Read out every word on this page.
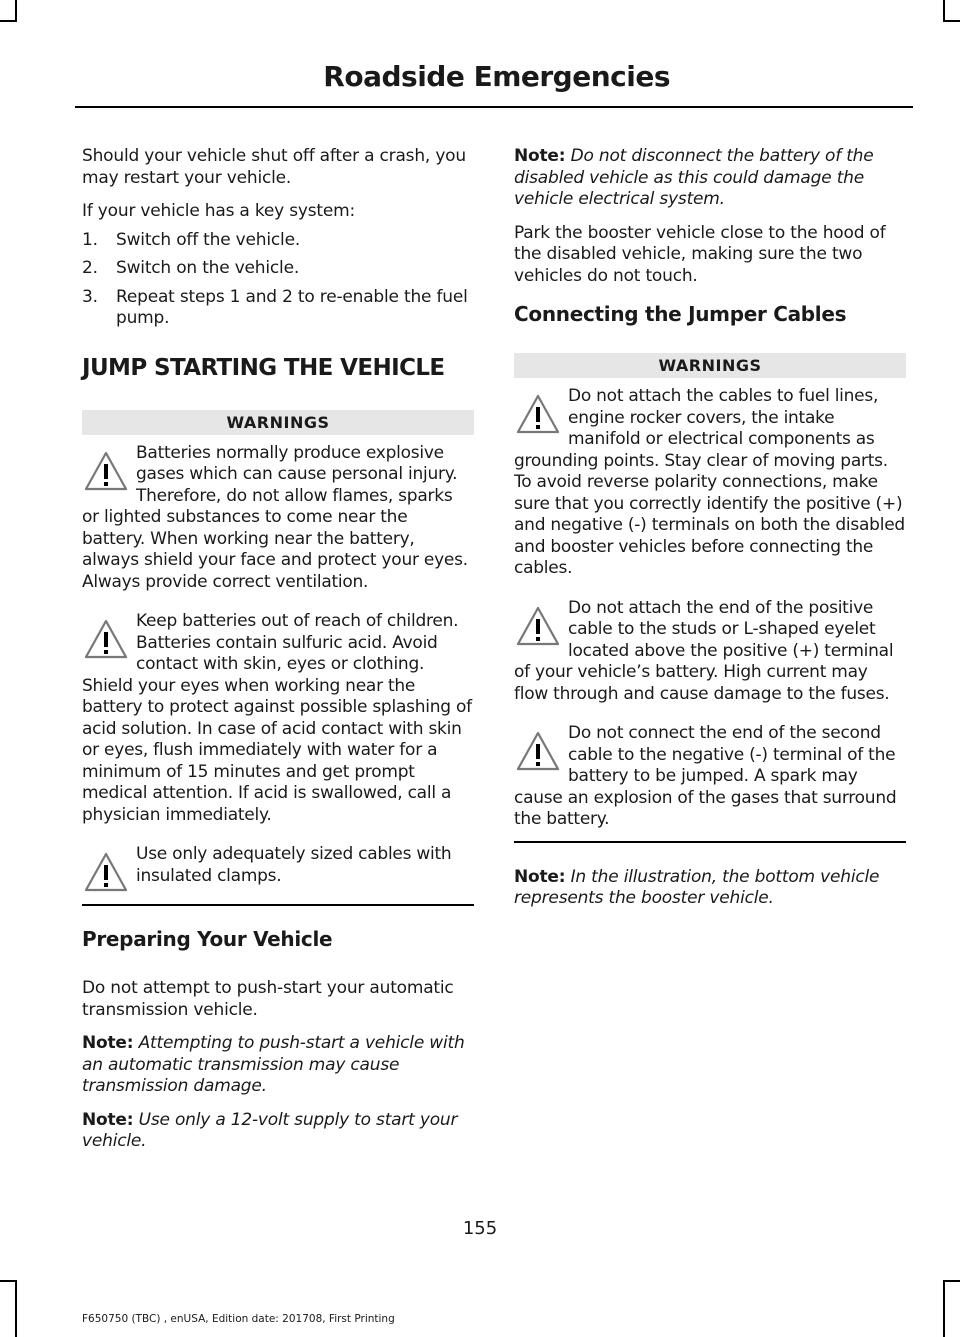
Roadside Emergencies

Should your vehicle shut off after a crash, you may restart your vehicle.

If your vehicle has a key system:

1.	Switch off the vehicle.
2.	Switch on the vehicle.
3.	Repeat steps 1 and 2 to re-enable the fuel pump.
JUMP STARTING THE VEHICLE
WARNINGS
Batteries normally produce explosive gases which can cause personal injury. Therefore, do not allow flames, sparks or lighted substances to come near the battery. When working near the battery, always shield your face and protect your eyes. Always provide correct ventilation.
Keep batteries out of reach of children. Batteries contain sulfuric acid. Avoid contact with skin, eyes or clothing. Shield your eyes when working near the battery to protect against possible splashing of acid solution. In case of acid contact with skin or eyes, flush immediately with water for a minimum of 15 minutes and get prompt medical attention. If acid is swallowed, call a physician immediately.
Use only adequately sized cables with insulated clamps.
Preparing Your Vehicle

Do not attempt to push-start your automatic transmission vehicle.

Note: Attempting to push-start a vehicle with an automatic transmission may cause transmission damage.

Note: Use only a 12-volt supply to start your vehicle.

Note: Do not disconnect the battery of the disabled vehicle as this could damage the vehicle electrical system.

Park the booster vehicle close to the hood of the disabled vehicle, making sure the two vehicles do not touch.

Connecting the Jumper Cables
WARNINGS
Do not attach the cables to fuel lines, engine rocker covers, the intake manifold or electrical components as grounding points. Stay clear of moving parts. To avoid reverse polarity connections, make sure that you correctly identify the positive (+) and negative (-) terminals on both the disabled and booster vehicles before connecting the cables.
Do not attach the end of the positive cable to the studs or L-shaped eyelet located above the positive (+) terminal of your vehicle’s battery. High current may flow through and cause damage to the fuses.
Do not connect the end of the second cable to the negative (-) terminal of the battery to be jumped. A spark may cause an explosion of the gases that surround the battery.

Note: In the illustration, the bottom vehicle represents the booster vehicle.

155
F650750 (TBC) , enUSA, Edition date: 201708, First Printing
